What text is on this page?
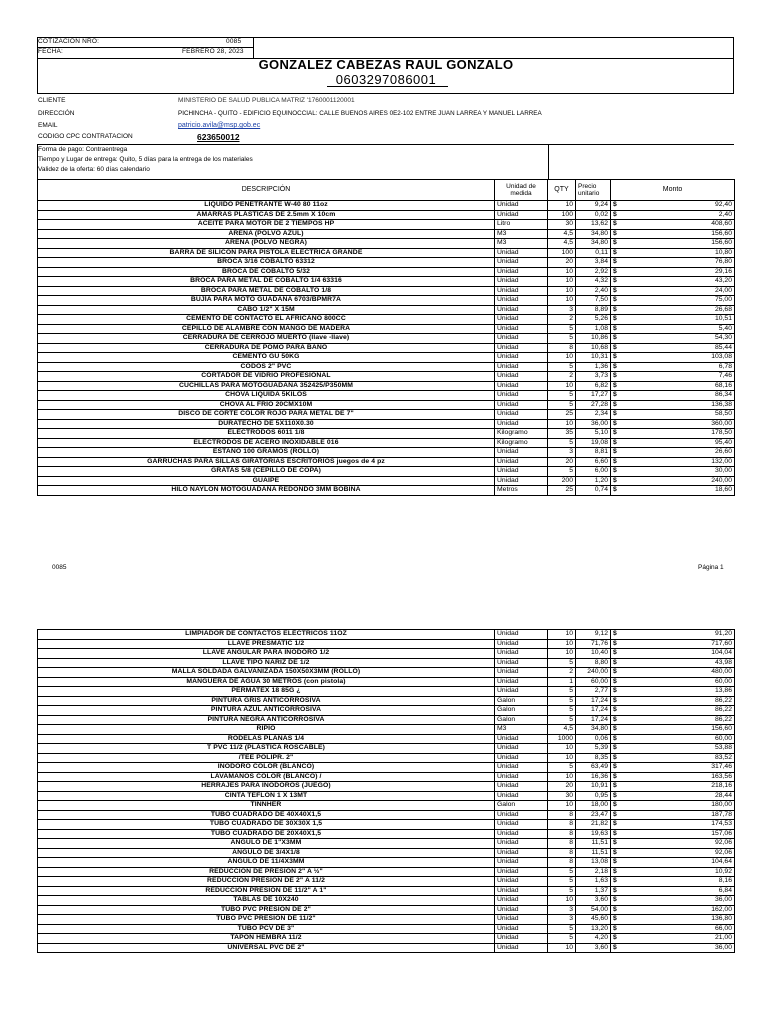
COTIZACIÓN NRO:	0085
FECHA:	FEBRERO 28, 2023
GONZALEZ CABEZAS RAUL GONZALO
0603297086001
CLIENTE	MINISTERIO DE SALUD PUBLICA MATRIZ '1760001120001
DIRECCIÓN	PICHINCHA - QUITO - EDIFICIO EQUINOCCIAL: CALLE BUENOS AIRES 0E2-102 ENTRE JUAN LARREA Y MANUEL LARREA
EMAIL	patricio.avila@msp.gob.ec
CODIGO CPC CONTRATACION	623650012
Forma de pago: Contraentrega
Tiempo y Lugar de entrega: Quito, 5 días para la entrega de los materiales
Validez de la oferta: 60 días calendario
DESCRIPCIÓN	Unidad de medida	QTY	Precio unitario	Monto	
LIQUIDO PENETRANTE W-40 80 11oz	Unidad	10	9,24	$	92,40
AMARRAS PLÁSTICAS DE 2.5mm X 10cm	Unidad	100	0,02	$	2,40
ACEITE PARA MOTOR DE 2 TIEMPOS HP	Litro	30	13,62	$	408,60
ARENA (POLVO AZUL)	M3	4,5	34,80	$	156,60
ARENA (POLVO NEGRA)	M3	4,5	34,80	$	156,60
BARRA DE SILICÓN PARA PISTOLA ELECTRICA GRANDE	Unidad	100	0,11	$	10,80
BROCA 3/16 COBALTO 63312	Unidad	20	3,84	$	76,80
BROCA DE COBALTO 5/32	Unidad	10	2,92	$	29,16
BROCA PARA METAL DE COBALTO 1/4 63316	Unidad	10	4,32	$	43,20
BROCA PARA METAL DE COBALTO 1/8	Unidad	10	2,40	$	24,00
BUJÍA PARA MOTO GUADANA 6703/BPMR7A	Unidad	10	7,50	$	75,00
CABO 1/2" X 15M	Unidad	3	8,89	$	26,68
CEMENTO DE CONTACTO EL AFRICANO 800CC	Unidad	2	5,26	$	10,51
CEPILLO DE ALAMBRE CON MANGO DE MADERA	Unidad	5	1,08	$	5,40
CERRADURA DE CERROJO MUERTO (llave -llave)	Unidad	5	10,86	$	54,30
CERRADURA DE POMO PARA BAÑO	Unidad	8	10,68	$	85,44
CEMENTO GU 50KG	Unidad	10	10,31	$	103,08
CODOS 2" PVC	Unidad	5	1,36	$	6,78
CORTADOR DE VIDRIO PROFESIONAL	Unidad	2	3,73	$	7,46
CUCHILLAS PARA MOTOGUADAÑA 352425/P350MM	Unidad	10	6,82	$	68,16
CHOVA LIQUIDA 5KILOS	Unidad	5	17,27	$	86,34
CHOVA AL FRIO 20CMX10M	Unidad	5	27,28	$	136,38
DISCO DE CORTE COLOR ROJO PARA METAL DE 7"	Unidad	25	2,34	$	58,50
DURATECHO DE 5X110X0.30	Unidad	10	36,00	$	360,00
ELECTRODOS 6011 1/8	Kilogramo	35	5,10	$	178,50
ELECTRODOS DE ACERO INOXIDABLE 016	Kilogramo	5	19,08	$	95,40
ESTAÑO 100 GRAMOS (ROLLO)	Unidad	3	8,81	$	26,60
GARRUCHAS PARA SILLAS GIRATORIAS ESCRITORIOS juegos de 4 pz	Unidad	20	6,60	$	132,00
GRATAS 5/8 (CEPILLO DE COPA)	Unidad	5	6,00	$	30,00
GUAIPE	Unidad	200	1,20	$	240,00
HILO NAYLON MOTOGUADAÑA REDONDO 3MM BOBINA	Metros	25	0,74	$	18,60
0085	Página 1
LIMPIADOR DE CONTACTOS ELÉCTRICOS 11OZ	Unidad	10	9,12	$	91,20
LLAVE PRESMATIC 1/2	Unidad	10	71,76	$	717,60
LLAVE ANGULAR PARA INODORO 1/2	Unidad	10	10,40	$	104,04
LLAVE TIPO NARIZ DE 1/2	Unidad	5	8,80	$	43,98
MALLA SOLDADA GALVANIZADA 150X50X3MM (ROLLO)	Unidad	2	240,00	$	480,00
MANGUERA DE AGUA 30 METROS (con pistola)	Unidad	1	60,00	$	60,00
PERMATEX 18 85G ¿	Unidad	5	2,77	$	13,86
PINTURA GRIS ANTICORROSIVA	Galon	5	17,24	$	86,22
PINTURA AZUL ANTICORROSIVA	Galon	5	17,24	$	86,22
PINTURA NEGRA ANTICORROSIVA	Galon	5	17,24	$	86,22
RIPIO	M3	4,5	34,80	$	156,60
RODELAS PLANAS 1/4	Unidad	1000	0,06	$	60,00
T PVC 11/2 (PLÁSTICA ROSCABLE)	Unidad	10	5,39	$	53,88
/TEE POLIPR. 2"	Unidad	10	8,35	$	83,52
INODORO COLOR (BLANCO)	Unidad	5	63,49	$	317,46
LAVAMANOS COLOR (BLANCO) /	Unidad	10	16,36	$	163,56
HERRAJES PARA INODOROS (JUEGO)	Unidad	20	10,91	$	218,16
CINTA TEFLON 1 X 13MT	Unidad	30	0,95	$	28,44
TINNHER	Galon	10	18,00	$	180,00
TUBO CUADRADO DE 40X40X1,5	Unidad	8	23,47	$	187,78
TUBO CUADRADO DE 30X30X 1,5	Unidad	8	21,82	$	174,53
TUBO CUADRADO DE 20X40X1,5	Unidad	8	19,63	$	157,06
ANGULO DE 1"X3MM	Unidad	8	11,51	$	92,06
ANGULO DE 3/4X1/8	Unidad	8	11,51	$	92,06
ANGULO DE 11/4X3MM	Unidad	8	13,08	$	104,64
REDUCCION DE PRESION 2" A ½"	Unidad	5	2,18	$	10,92
REDUCCION PRESION DE 2" A 11/2	Unidad	5	1,63	$	8,16
REDUCCION PRESION DE 11/2" A 1"	Unidad	5	1,37	$	6,84
TABLAS DE 10X240	Unidad	10	3,60	$	36,00
TUBO PVC PRESIÓN DE 2"	Unidad	3	54,00	$	162,00
TUBO PVC PRESIÓN DE 11/2"	Unidad	3	45,60	$	136,80
TUBO PCV DE 3"	Unidad	5	13,20	$	66,00
TAPON HEMBRA 11/2	Unidad	5	4,20	$	21,00
UNIVERSAL PVC DE 2"	Unidad	10	3,60	$	36,00
